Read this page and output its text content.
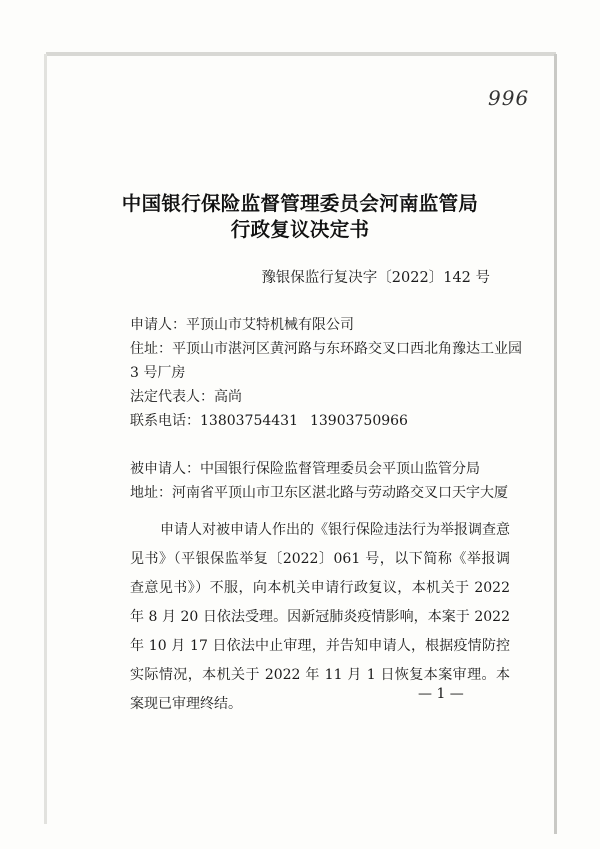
996
中国银行保险监督管理委员会河南监管局
行政复议决定书
豫银保监行复决字〔2022〕142 号
申请人：平顶山市艾特机械有限公司
住址：平顶山市湛河区黄河路与东环路交叉口西北角豫达工业园
3 号厂房
法定代表人：高尚
联系电话：13803754431 13903750966
被申请人：中国银行保险监督管理委员会平顶山监管分局
地址：河南省平顶山市卫东区湛北路与劳动路交叉口天宇大厦
申请人对被申请人作出的《银行保险违法行为举报调查意见书》（平银保监举复〔2022〕061 号，以下简称《举报调查意见书》）不服，向本机关申请行政复议，本机关于 2022 年 8 月 20 日依法受理。因新冠肺炎疫情影响，本案于 2022 年 10 月 17 日依法中止审理，并告知申请人，根据疫情防控实际情况，本机关于 2022 年 11 月 1 日恢复本案审理。本案现已审理终结。
— 1 —
